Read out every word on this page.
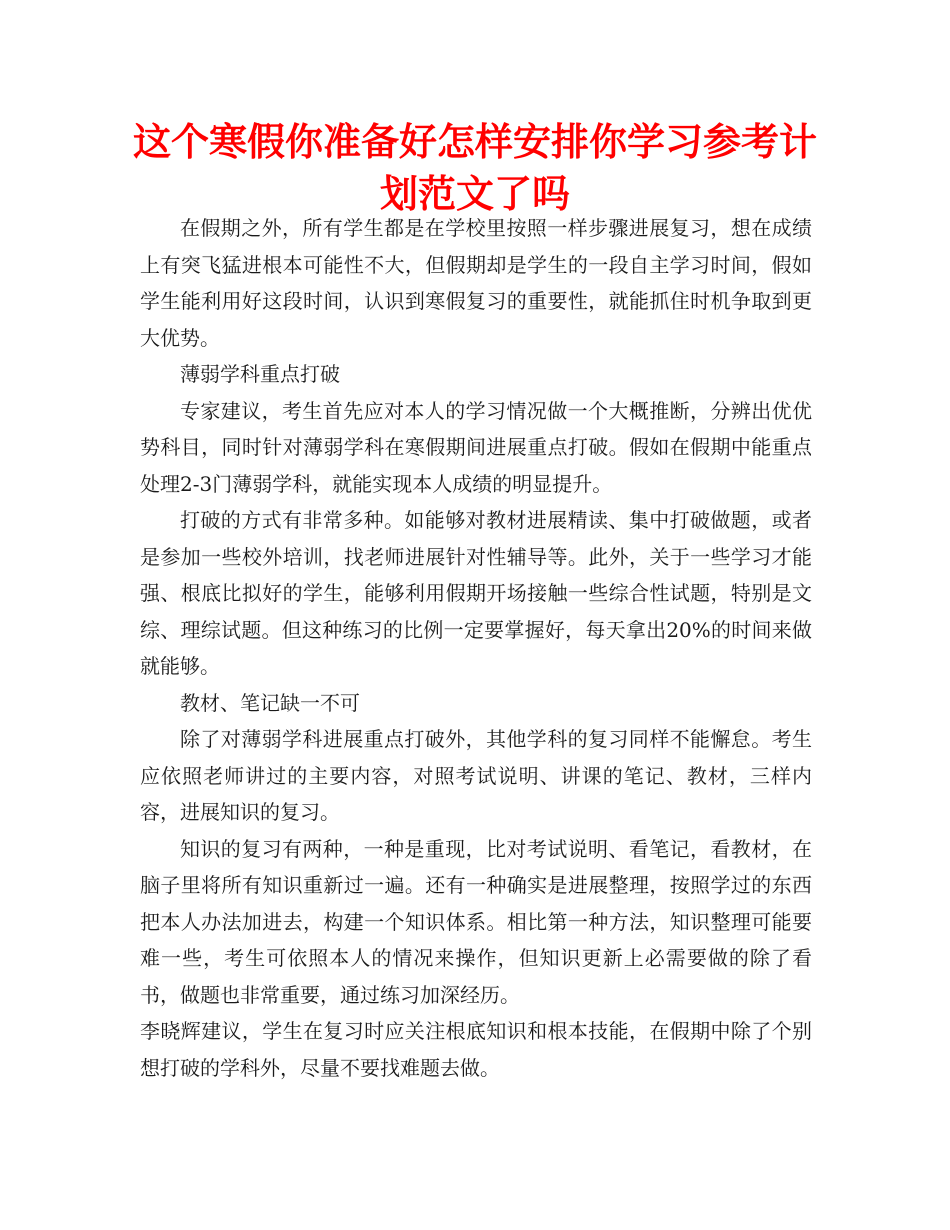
这个寒假你准备好怎样安排你学习参考计划范文了吗

在假期之外，所有学生都是在学校里按照一样步骤进展复习，想在成绩上有突飞猛进根本可能性不大，但假期却是学生的一段自主学习时间，假如学生能利用好这段时间，认识到寒假复习的重要性，就能抓住时机争取到更大优势。

薄弱学科重点打破

专家建议，考生首先应对本人的学习情况做一个大概推断，分辨出优优势科目，同时针对薄弱学科在寒假期间进展重点打破。假如在假期中能重点处理2-3门薄弱学科，就能实现本人成绩的明显提升。

打破的方式有非常多种。如能够对教材进展精读、集中打破做题，或者是参加一些校外培训，找老师进展针对性辅导等。此外，关于一些学习才能强、根底比拟好的学生，能够利用假期开场接触一些综合性试题，特别是文综、理综试题。但这种练习的比例一定要掌握好，每天拿出20%的时间来做就能够。

教材、笔记缺一不可

除了对薄弱学科进展重点打破外，其他学科的复习同样不能懈怠。考生应依照老师讲过的主要内容，对照考试说明、讲课的笔记、教材，三样内容，进展知识的复习。

知识的复习有两种，一种是重现，比对考试说明、看笔记，看教材，在脑子里将所有知识重新过一遍。还有一种确实是进展整理，按照学过的东西把本人办法加进去，构建一个知识体系。相比第一种方法，知识整理可能要难一些，考生可依照本人的情况来操作，但知识更新上必需要做的除了看书，做题也非常重要，通过练习加深经历。

李晓辉建议，学生在复习时应关注根底知识和根本技能，在假期中除了个别想打破的学科外，尽量不要找难题去做。
